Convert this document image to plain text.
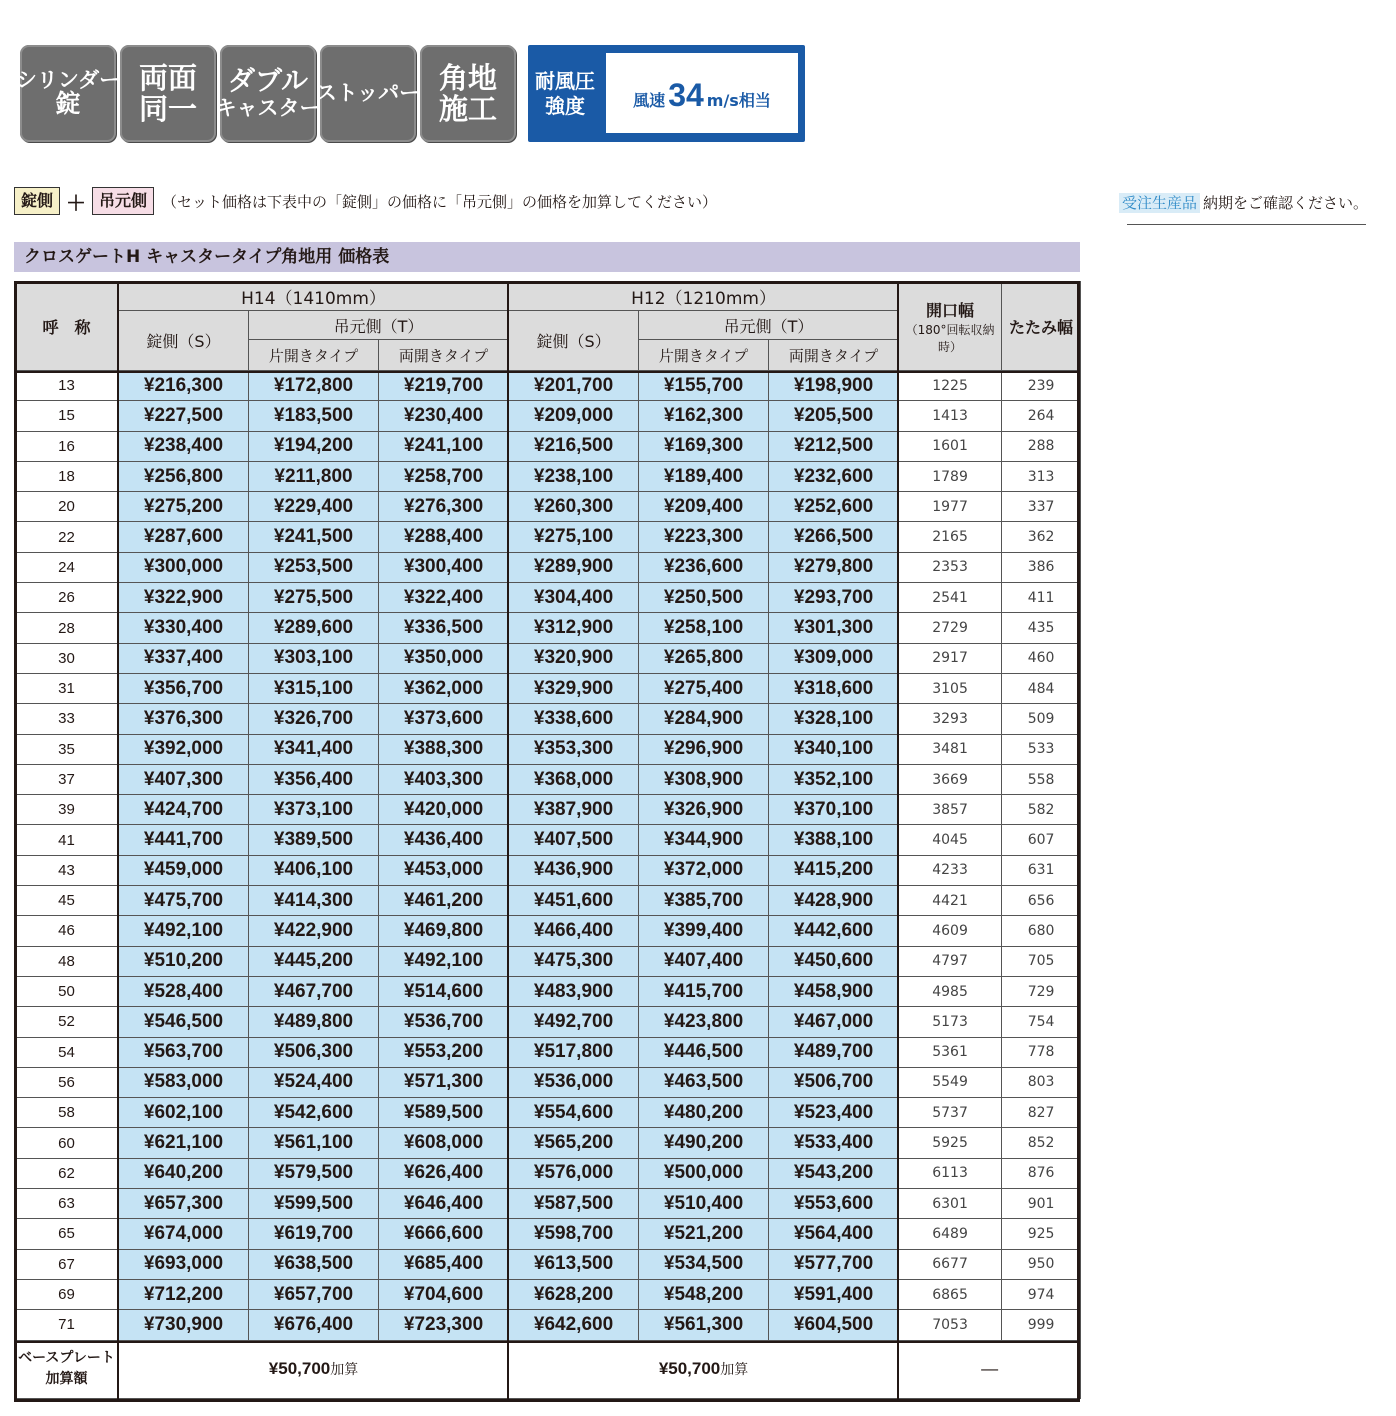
シリンダー
錠
両面
同一
ダブル
キャスター
ストッパー 角地
施工
耐風圧
強度	風速 34 m/s相当
錠側 ＋ 吊元側	（セット価格は下表中の「錠側」の価格に「吊元側」の価格を加算してください）	受注生産品 納期をご確認ください。
クロスゲートH キャスタータイプ角地用 価格表
呼　称	H14（1410mm）			H12（1210mm）			開口幅
（180°回転収納時）	たたみ幅
	錠側（S）	吊元側（T）		錠側（S）	吊元側（T）			
		片開きタイプ	両開きタイプ		片開きタイプ	両開きタイプ		
13	¥216,300	¥172,800	¥219,700	¥201,700	¥155,700	¥198,900	1225	239
15	¥227,500	¥183,500	¥230,400	¥209,000	¥162,300	¥205,500	1413	264
16	¥238,400	¥194,200	¥241,100	¥216,500	¥169,300	¥212,500	1601	288
18	¥256,800	¥211,800	¥258,700	¥238,100	¥189,400	¥232,600	1789	313
20	¥275,200	¥229,400	¥276,300	¥260,300	¥209,400	¥252,600	1977	337
22	¥287,600	¥241,500	¥288,400	¥275,100	¥223,300	¥266,500	2165	362
24	¥300,000	¥253,500	¥300,400	¥289,900	¥236,600	¥279,800	2353	386
26	¥322,900	¥275,500	¥322,400	¥304,400	¥250,500	¥293,700	2541	411
28	¥330,400	¥289,600	¥336,500	¥312,900	¥258,100	¥301,300	2729	435
30	¥337,400	¥303,100	¥350,000	¥320,900	¥265,800	¥309,000	2917	460
31	¥356,700	¥315,100	¥362,000	¥329,900	¥275,400	¥318,600	3105	484
33	¥376,300	¥326,700	¥373,600	¥338,600	¥284,900	¥328,100	3293	509
35	¥392,000	¥341,400	¥388,300	¥353,300	¥296,900	¥340,100	3481	533
37	¥407,300	¥356,400	¥403,300	¥368,000	¥308,900	¥352,100	3669	558
39	¥424,700	¥373,100	¥420,000	¥387,900	¥326,900	¥370,100	3857	582
41	¥441,700	¥389,500	¥436,400	¥407,500	¥344,900	¥388,100	4045	607
43	¥459,000	¥406,100	¥453,000	¥436,900	¥372,000	¥415,200	4233	631
45	¥475,700	¥414,300	¥461,200	¥451,600	¥385,700	¥428,900	4421	656
46	¥492,100	¥422,900	¥469,800	¥466,400	¥399,400	¥442,600	4609	680
48	¥510,200	¥445,200	¥492,100	¥475,300	¥407,400	¥450,600	4797	705
50	¥528,400	¥467,700	¥514,600	¥483,900	¥415,700	¥458,900	4985	729
52	¥546,500	¥489,800	¥536,700	¥492,700	¥423,800	¥467,000	5173	754
54	¥563,700	¥506,300	¥553,200	¥517,800	¥446,500	¥489,700	5361	778
56	¥583,000	¥524,400	¥571,300	¥536,000	¥463,500	¥506,700	5549	803
58	¥602,100	¥542,600	¥589,500	¥554,600	¥480,200	¥523,400	5737	827
60	¥621,100	¥561,100	¥608,000	¥565,200	¥490,200	¥533,400	5925	852
62	¥640,200	¥579,500	¥626,400	¥576,000	¥500,000	¥543,200	6113	876
63	¥657,300	¥599,500	¥646,400	¥587,500	¥510,400	¥553,600	6301	901
65	¥674,000	¥619,700	¥666,600	¥598,700	¥521,200	¥564,400	6489	925
67	¥693,000	¥638,500	¥685,400	¥613,500	¥534,500	¥577,700	6677	950
69	¥712,200	¥657,700	¥704,600	¥628,200	¥548,200	¥591,400	6865	974
71	¥730,900	¥676,400	¥723,300	¥642,600	¥561,300	¥604,500	7053	999

ベースプレート
加算額	¥50,700加算			¥50,700加算			—	
